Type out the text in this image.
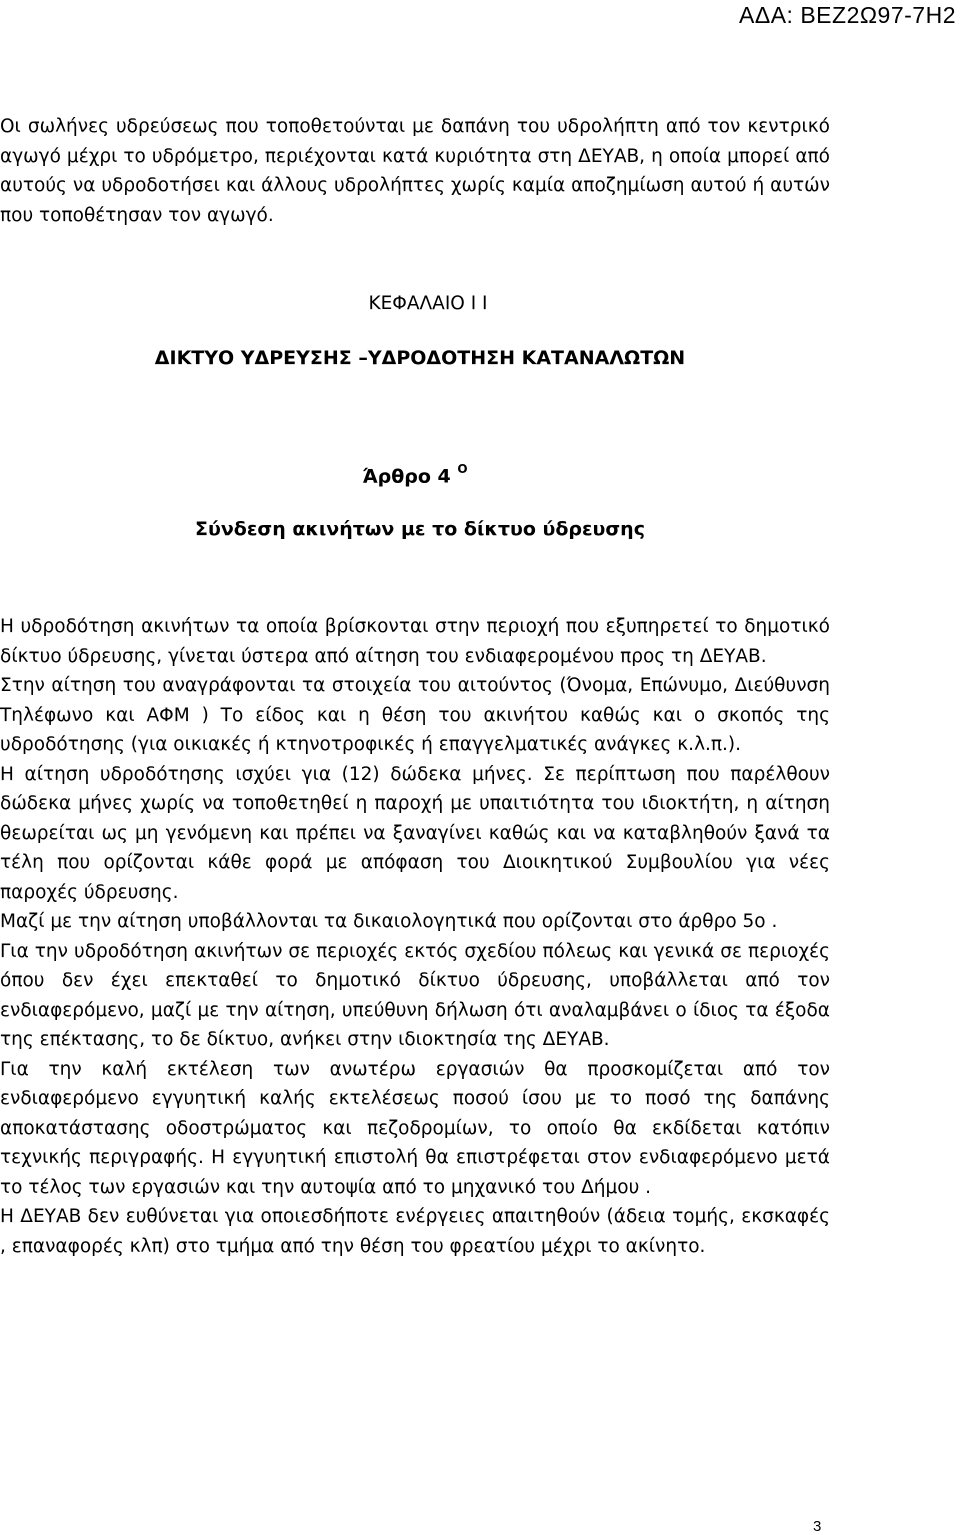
ΑΔΑ: ΒΕΖ2Ω97-7Η2

Οι σωλήνες υδρεύσεως που τοποθετούνται με δαπάνη του υδρολήπτη από τον κεντρικό αγωγό μέχρι το υδρόμετρο, περιέχονται κατά κυριότητα στη ΔΕΥΑΒ, η οποία μπορεί από αυτούς να υδροδοτήσει και άλλους υδρολήπτες χωρίς καμία αποζημίωση αυτού ή αυτών που τοποθέτησαν τον αγωγό.

ΚΕΦΑΛΑΙΟ Ι Ι

ΔΙΚΤΥΟ ΥΔΡΕΥΣΗΣ –ΥΔΡΟΔΟΤΗΣΗ ΚΑΤΑΝΑΛΩΤΩΝ

Άρθρο 4 $^O$

Σύνδεση ακινήτων με το δίκτυο ύδρευσης

Η υδροδότηση ακινήτων τα οποία βρίσκονται στην περιοχή που εξυπηρετεί το δημοτικό δίκτυο ύδρευσης, γίνεται ύστερα από αίτηση του ενδιαφερομένου προς τη ΔΕΥΑΒ.

Στην αίτηση του αναγράφονται τα στοιχεία του αιτούντος (Όνομα, Επώνυμο, Διεύθυνση Τηλέφωνο και ΑΦΜ ) Το είδος και η θέση του ακινήτου καθώς και ο σκοπός της υδροδότησης (για οικιακές ή κτηνοτροφικές ή επαγγελματικές ανάγκες κ.λ.π.).

Η αίτηση υδροδότησης ισχύει για (12) δώδεκα μήνες. Σε περίπτωση που παρέλθουν δώδεκα μήνες χωρίς να τοποθετηθεί η παροχή με υπαιτιότητα του ιδιοκτήτη, η αίτηση θεωρείται ως μη γενόμενη και πρέπει να ξαναγίνει καθώς και να καταβληθούν ξανά τα τέλη που ορίζονται κάθε φορά με απόφαση του Διοικητικού Συμβουλίου για νέες παροχές ύδρευσης.

Μαζί με την αίτηση υποβάλλονται τα δικαιολογητικά που ορίζονται στο άρθρο 5ο .

Για την υδροδότηση ακινήτων σε περιοχές εκτός σχεδίου πόλεως και γενικά σε περιοχές όπου δεν έχει επεκταθεί το δημοτικό δίκτυο ύδρευσης, υποβάλλεται από τον ενδιαφερόμενο, μαζί με την αίτηση, υπεύθυνη δήλωση ότι αναλαμβάνει ο ίδιος τα έξοδα της επέκτασης, το δε δίκτυο, ανήκει στην ιδιοκτησία της ΔΕΥΑΒ.

Για την καλή εκτέλεση των ανωτέρω εργασιών θα προσκομίζεται από τον ενδιαφερόμενο εγγυητική καλής εκτελέσεως ποσού ίσου με το ποσό της δαπάνης αποκατάστασης οδοστρώματος και πεζοδρομίων, το οποίο θα εκδίδεται κατόπιν τεχνικής περιγραφής. Η εγγυητική επιστολή θα επιστρέφεται στον ενδιαφερόμενο μετά το τέλος των εργασιών και την αυτοψία από το μηχανικό του Δήμου .

Η ΔΕΥΑΒ δεν ευθύνεται για οποιεσδήποτε ενέργειες απαιτηθούν (άδεια τομής, εκσκαφές , επαναφορές κλπ) στο τμήμα από την θέση του φρεατίου μέχρι το ακίνητο.

3
